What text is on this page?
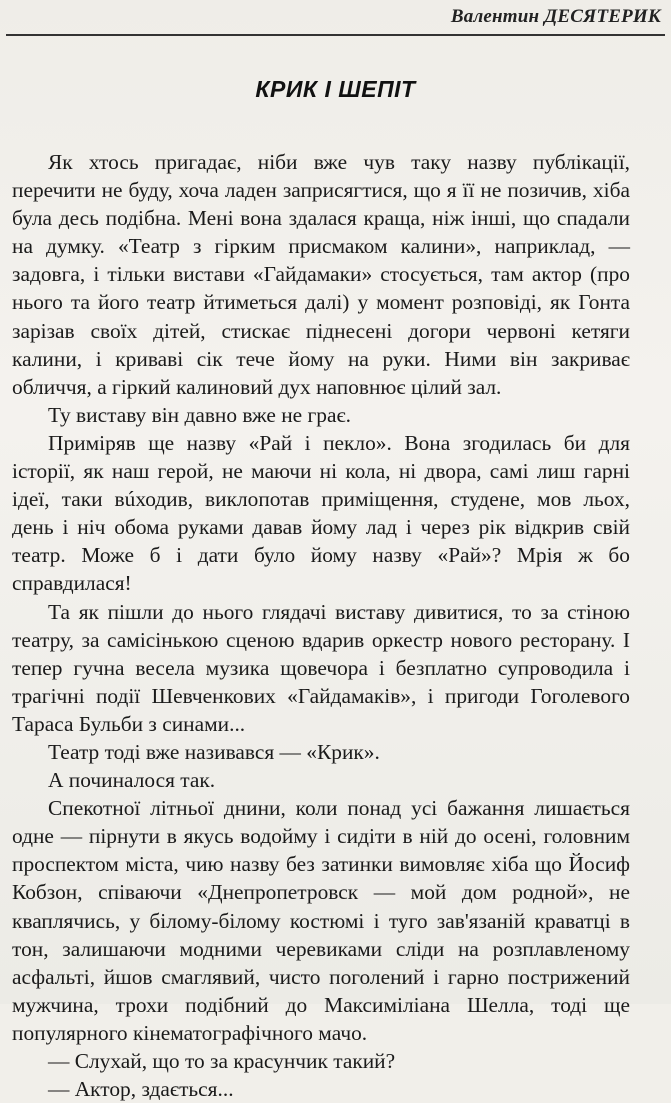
Валентин ДЕСЯТЕРИК
КРИК І ШЕПІТ

Як хтось пригадає, ніби вже чув таку назву публікації, перечити не буду, хоча ладен заприсягтися, що я її не позичив, хіба була десь подібна. Мені вона здалася краща, ніж інші, що спадали на думку. «Театр з гірким присмаком калини», наприклад, — задовга, і тільки вистави «Гайдамаки» стосується, там актор (про нього та його театр йтиметься далі) у момент розповіді, як Гонта зарізав своїх дітей, стискає піднесені догори червоні кетяги калини, і криваві сік тече йому на руки. Ними він закриває обличчя, а гіркий калиновий дух наповнює цілий зал.

Ту виставу він давно вже не грає.

Приміряв ще назву «Рай і пекло». Вона згодилась би для історії, як наш герой, не маючи ні кола, ні двора, самі лиш гарні ідеї, таки вúходив, виклопотав приміщення, студене, мов льох, день і ніч обома руками давав йому лад і через рік відкрив свій театр. Може б і дати було йому назву «Рай»? Мрія ж бо справдилася!

Та як пішли до нього глядачі виставу дивитися, то за стіною театру, за самісінькою сценою вдарив оркестр нового ресторану. І тепер гучна весела музика щовечора і безплатно супроводила і трагічні події Шевченкових «Гайдамаків», і пригоди Гоголевого Тараса Бульби з синами...

Театр тоді вже називався — «Крик».

А починалося так.

Спекотної літньої днини, коли понад усі бажання лишається одне — пірнути в якусь водойму і сидіти в ній до осені, головним проспектом міста, чию назву без затинки вимовляє хіба що Йосиф Кобзон, співаючи «Днепропетровск — мой дом родной», не кваплячись, у білому-білому костюмі і туго зав'язаній краватці в тон, залишаючи модними черевиками сліди на розплавленому асфальті, йшов смаглявий, чисто поголений і гарно пострижений мужчина, трохи подібний до Максиміліана Шелла, тоді ще популярного кінематографічного мачо.

— Слухай, що то за красунчик такий?

— Актор, здається...
